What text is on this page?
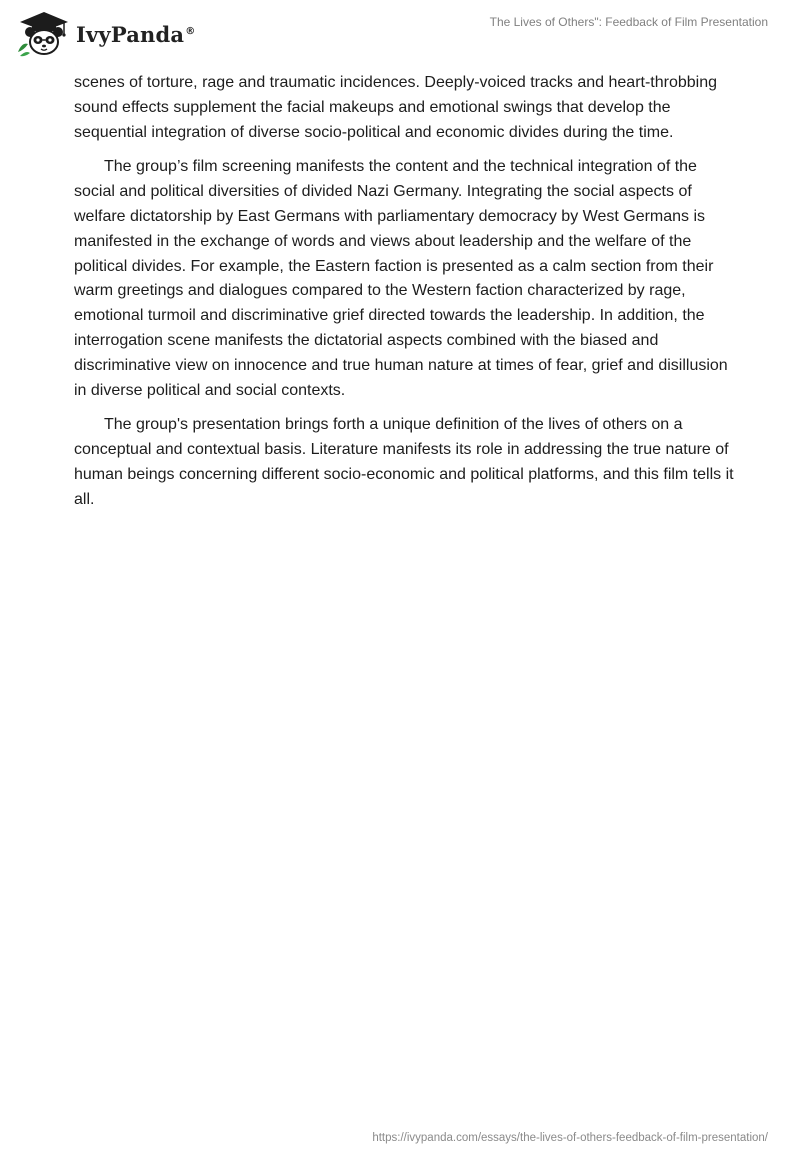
IvyPanda®
The Lives of Others": Feedback of Film Presentation

scenes of torture, rage and traumatic incidences. Deeply-voiced tracks and heart-throbbing sound effects supplement the facial makeups and emotional swings that develop the sequential integration of diverse socio-political and economic divides during the time.

The group’s film screening manifests the content and the technical integration of the social and political diversities of divided Nazi Germany. Integrating the social aspects of welfare dictatorship by East Germans with parliamentary democracy by West Germans is manifested in the exchange of words and views about leadership and the welfare of the political divides. For example, the Eastern faction is presented as a calm section from their warm greetings and dialogues compared to the Western faction characterized by rage, emotional turmoil and discriminative grief directed towards the leadership. In addition, the interrogation scene manifests the dictatorial aspects combined with the biased and discriminative view on innocence and true human nature at times of fear, grief and disillusion in diverse political and social contexts.

The group's presentation brings forth a unique definition of the lives of others on a conceptual and contextual basis. Literature manifests its role in addressing the true nature of human beings concerning different socio-economic and political platforms, and this film tells it all.

https://ivypanda.com/essays/the-lives-of-others-feedback-of-film-presentation/
